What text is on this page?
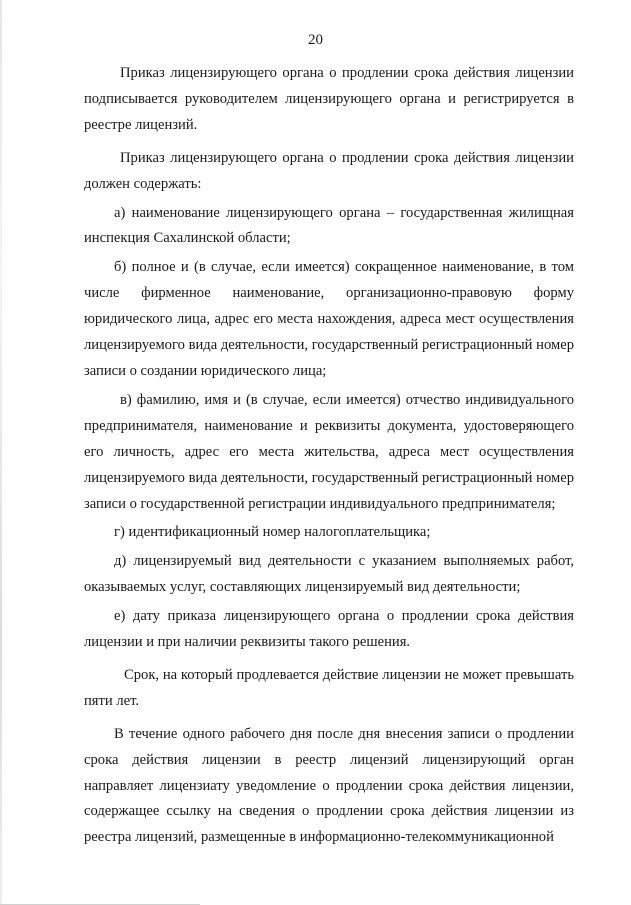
20

Приказ лицензирующего органа о продлении срока действия лицензии подписывается руководителем лицензирующего органа и регистрируется в реестре лицензий.

Приказ лицензирующего органа о продлении срока действия лицензии должен содержать:

а) наименование лицензирующего органа – государственная жилищная инспекция Сахалинской области;

б) полное и (в случае, если имеется) сокращенное наименование, в том числе фирменное наименование, организационно-правовую форму юридического лица, адрес его места нахождения, адреса мест осуществления лицензируемого вида деятельности, государственный регистрационный номер записи о создании юридического лица;

в) фамилию, имя и (в случае, если имеется) отчество индивидуального предпринимателя, наименование и реквизиты документа, удостоверяющего его личность, адрес его места жительства, адреса мест осуществления лицензируемого вида деятельности, государственный регистрационный номер записи о государственной регистрации индивидуального предпринимателя;

г) идентификационный номер налогоплательщика;

д) лицензируемый вид деятельности с указанием выполняемых работ, оказываемых услуг, составляющих лицензируемый вид деятельности;

е) дату приказа лицензирующего органа о продлении срока действия лицензии и при наличии реквизиты такого решения.

Срок, на который продлевается действие лицензии не может превышать пяти лет.

В течение одного рабочего дня после дня внесения записи о продлении срока действия лицензии в реестр лицензий лицензирующий орган направляет лицензиату уведомление о продлении срока действия лицензии, содержащее ссылку на сведения о продлении срока действия лицензии из реестра лицензий, размещенные в информационно-телекоммуникационной
